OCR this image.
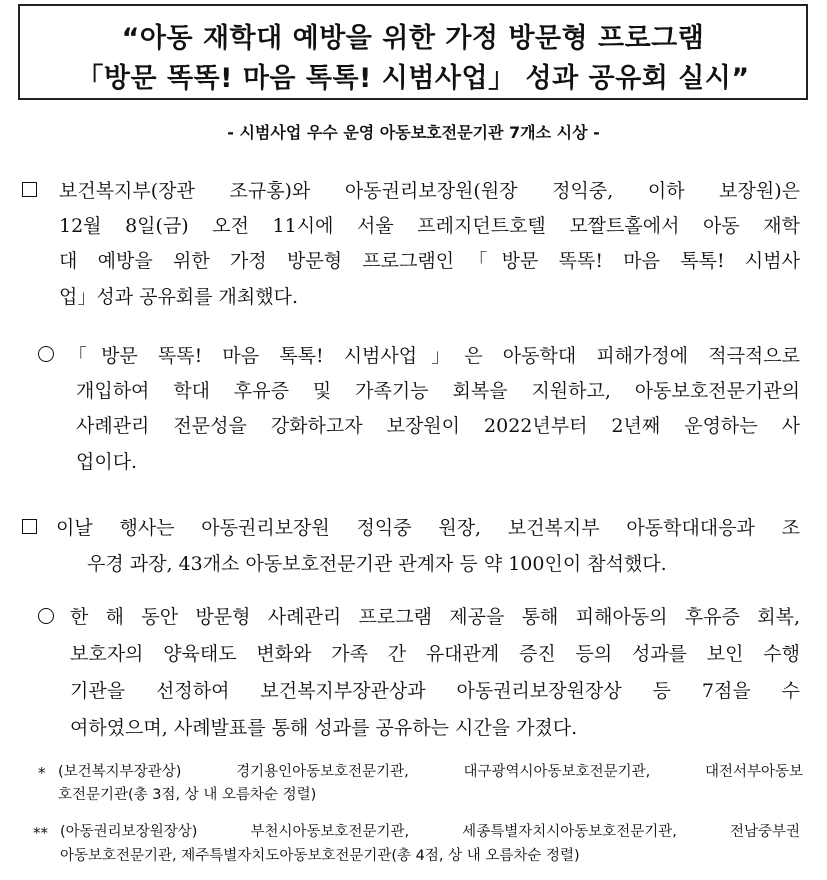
“아동 재학대 예방을 위한 가정 방문형 프로그램
「방문 똑똑! 마음 톡톡! 시범사업」 성과 공유회 실시”
- 시범사업 우수 운영 아동보호전문기관 7개소 시상 -
보건복지부(장관 조규홍)와 아동권리보장원(원장 정익중, 이하 보장원)은
12월 8일(금) 오전 11시에 서울 프레지던트호텔 모짤트홀에서 아동 재학
대 예방을 위한 가정 방문형 프로그램인「방문 똑똑! 마음 톡톡! 시범사
업」성과 공유회를 개최했다.
「방문 똑똑! 마음 톡톡! 시범사업」은 아동학대 피해가정에 적극적으로
개입하여 학대 후유증 및 가족기능 회복을 지원하고, 아동보호전문기관의
사례관리 전문성을 강화하고자 보장원이 2022년부터 2년째 운영하는 사
업이다.
이날 행사는 아동권리보장원 정익중 원장, 보건복지부 아동학대대응과 조
우경 과장, 43개소 아동보호전문기관 관계자 등 약 100인이 참석했다.
한 해 동안 방문형 사례관리 프로그램 제공을 통해 피해아동의 후유증 회복,
보호자의 양육태도 변화와 가족 간 유대관계 증진 등의 성과를 보인 수행
기관을 선정하여 보건복지부장관상과 아동권리보장원장상 등 7점을 수
여하였으며, 사례발표를 통해 성과를 공유하는 시간을 가졌다.
* (보건복지부장관상) 경기용인아동보호전문기관, 대구광역시아동보호전문기관, 대전서부아동보
호전문기관(총 3점, 상 내 오름차순 정렬)
** (아동권리보장원장상) 부천시아동보호전문기관, 세종특별자치시아동보호전문기관, 전남중부권
아동보호전문기관, 제주특별자치도아동보호전문기관(총 4점, 상 내 오름차순 정렬)
